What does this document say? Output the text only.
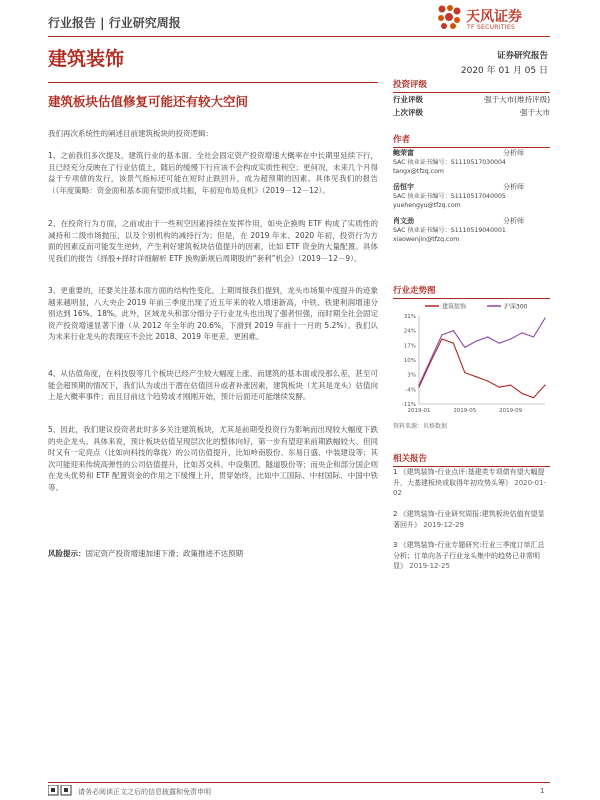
行业报告 | 行业研究周报	天风证券
TF SECURITIES
建筑装饰	证券研究报告
2020 年 01 月 05 日
建筑板块估值修复可能还有较大空间
我们再次系统性的阐述目前建筑板块的投资逻辑：
1、之前我们多次提及，建筑行业的基本面、全社会固定资产投资增速大概率在中长期里延续下行，且已经充分反映在了行业估值上，随后的缓慢下行应该不会构成实质性利空；更何况，未来几个月得益于专项债的发行，该景气指标还可能在短时止跌回升，成为超预期的因素。具体见我们的报告（《年度策略：资金面和基本面有望形成共振，年初迎布局良机》（2019－12－12）。
2、在投资行为方面，之前或由于一些利空因素持续在发挥作用，如央企换购 ETF 构成了实质性的减持和二级市场抛压，以及个别机构的减持行为；但是，在 2019 年末、2020 年初，投资行为方面的因素反而可能发生逆转，产生利好建筑板块估值提升的因素，比如 ETF 资金的大量配置。具体见我们的报告《择股+择时详细解析 ETF 换购新规后周期股的“套利”机会》（2019－12－9）。
3、更重要的，还要关注基本面方面的结构性变化，上期周报我们提到，龙头市场集中度提升的迹象越来越明显，八大央企 2019 年前三季度出现了近五年来的收入增速新高，中铁、铁建利润增速分别达到 16%、18%。此外，区域龙头和部分细分子行业龙头也出现了强者恒强，而时期全社会固定资产投资增速显著下滑（从 2012 年全年的 20.6%，下滑到 2019 年前十一月的 5.2%）。我们认为未来行业龙头的表现应不会比 2018、2019 年更差、更困难。
4、从估值角度，在科技股等几个板块已经产生较大幅度上涨、而建筑的基本面或没那么差，甚至可能会超预期的情况下，我们认为或出于潜在估值回升或者补涨因素，建筑板块（尤其是龙头）估值向上是大概率事件；而且目前这个趋势或才刚刚开始，预计后面还可能继续发酵。
5、因此，我们建议投资者此时多多关注建筑板块，尤其是前期受投资行为影响而出现较大幅度下跌的央企龙头。具体来说，预计板块估值呈现层次化的整体向好，第一步有望迎来前期跌幅较大、但同时又有一定亮点（比如向科技的靠拢）的公司估值提升，比如岭南股份、东易日盛、中装建设等；其次可能迎来传统高弹性的公司估值提升，比如苏交科、中设集团、隧道股份等；而央企和部分国企则在龙头优势和 ETF 配置资金的作用之下缓慢上升，贯穿始终，比如中工国际、中材国际、中国中铁等。
风险提示：固定资产投资增速加速下滑；政策推进不达预期
投资评级
行业评级	强于大市(维持评级)
上次评级	强于大市
作者
鲍荣富	分析师
SAC 执业证书编号：S1110517030004
tangx@tfzq.com
岳恒宇	分析师
SAC 执业证书编号：S1110517040005
yuehengyu@tfzq.com
肖文劲	分析师
SAC 执业证书编号：S1110519040001
xiaowenjin@tfzq.com
行业走势图
建筑装饰	沪深300
31%
24%
17%
10%
3%
-4%
-11%
2019-01	2019-05	2019-09
资料来源：贝格数据
相关报告
1 《建筑装饰-行业点评:基建类专项债有望大幅提升，大基建板块或取得年初攻势头筹》 2020-01-02
2 《建筑装饰-行业研究周报:建筑板块估值有望显著回升》 2019-12-29
3 《建筑装饰-行业专题研究:行业三季度订单汇总分析；订单向各子行业龙头集中的趋势已非常明显》 2019-12-25
请务必阅读正文之后的信息披露和免责申明	1
